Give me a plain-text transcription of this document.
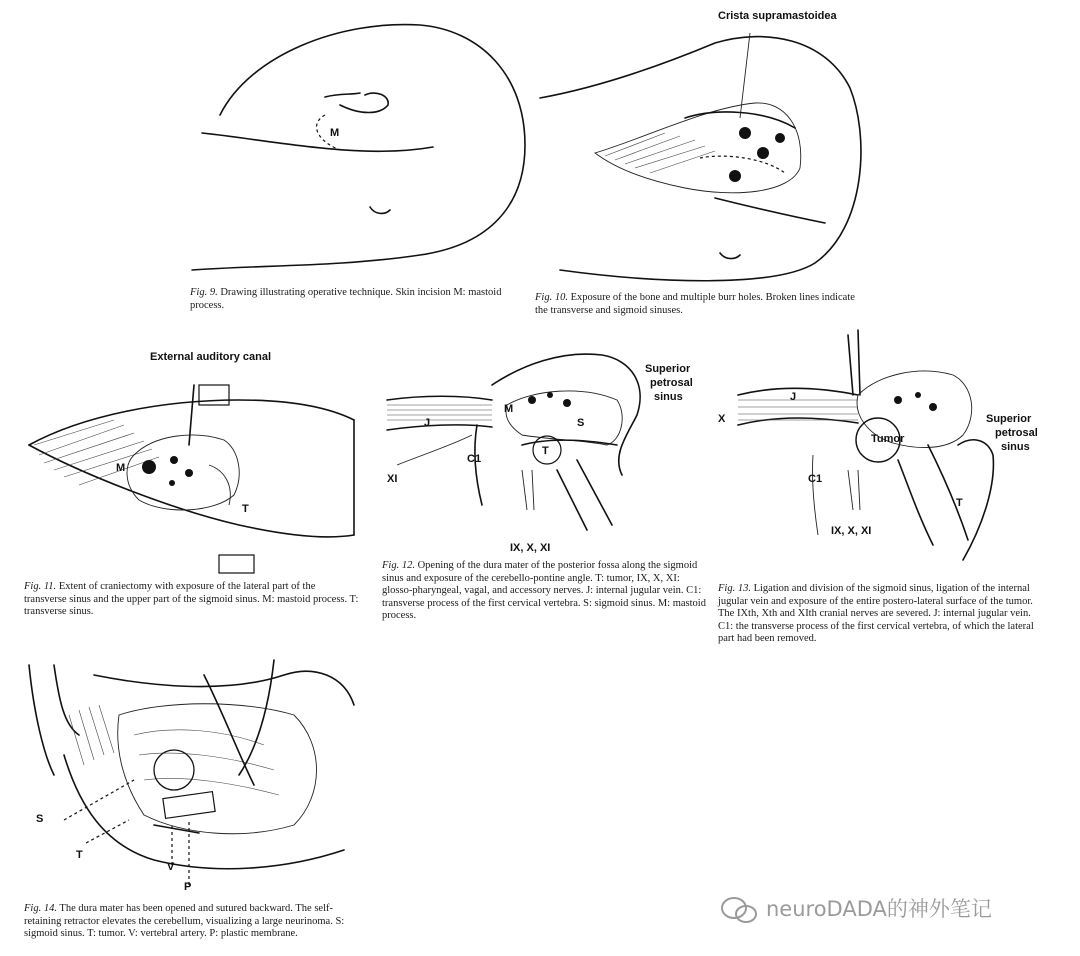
M
Fig. 9. Drawing illustrating operative technique. Skin incision M: mastoid process.
Crista supramastoidea
Fig. 10. Exposure of the bone and multiple burr holes. Broken lines indicate the transverse and sigmoid sinuses.
External auditory canal
M
T
Fig. 11. Extent of craniectomy with exposure of the lateral part of the transverse sinus and the upper part of the sigmoid sinus. M: mastoid process. T: transverse sinus.
Superior
petrosal
sinus
J
M
S
T
C1
XI
IX, X, XI
Fig. 12. Opening of the dura mater of the posterior fossa along the sigmoid sinus and exposure of the cerebello-pontine angle. T: tumor, IX, X, XI: glosso-pharyngeal, vagal, and accessory nerves. J: internal jugular vein. C1: transverse process of the first cervical vertebra. S: sigmoid sinus. M: mastoid process.
Superior
petrosal
sinus
J
X
Tumor
C1
IX, X, XI
T
Fig. 13. Ligation and division of the sigmoid sinus, ligation of the internal jugular vein and exposure of the entire postero-lateral surface of the tumor. The IXth, Xth and XIth cranial nerves are severed. J: internal jugular vein. C1: the transverse process of the first cervical vertebra, of which the lateral part had been removed.
S
T
V
P
Fig. 14. The dura mater has been opened and sutured backward. The self-retaining retractor elevates the cerebellum, visualizing a large neurinoma. S: sigmoid sinus. T: tumor. V: vertebral artery. P: plastic membrane.
neuroDADA的神外笔记
